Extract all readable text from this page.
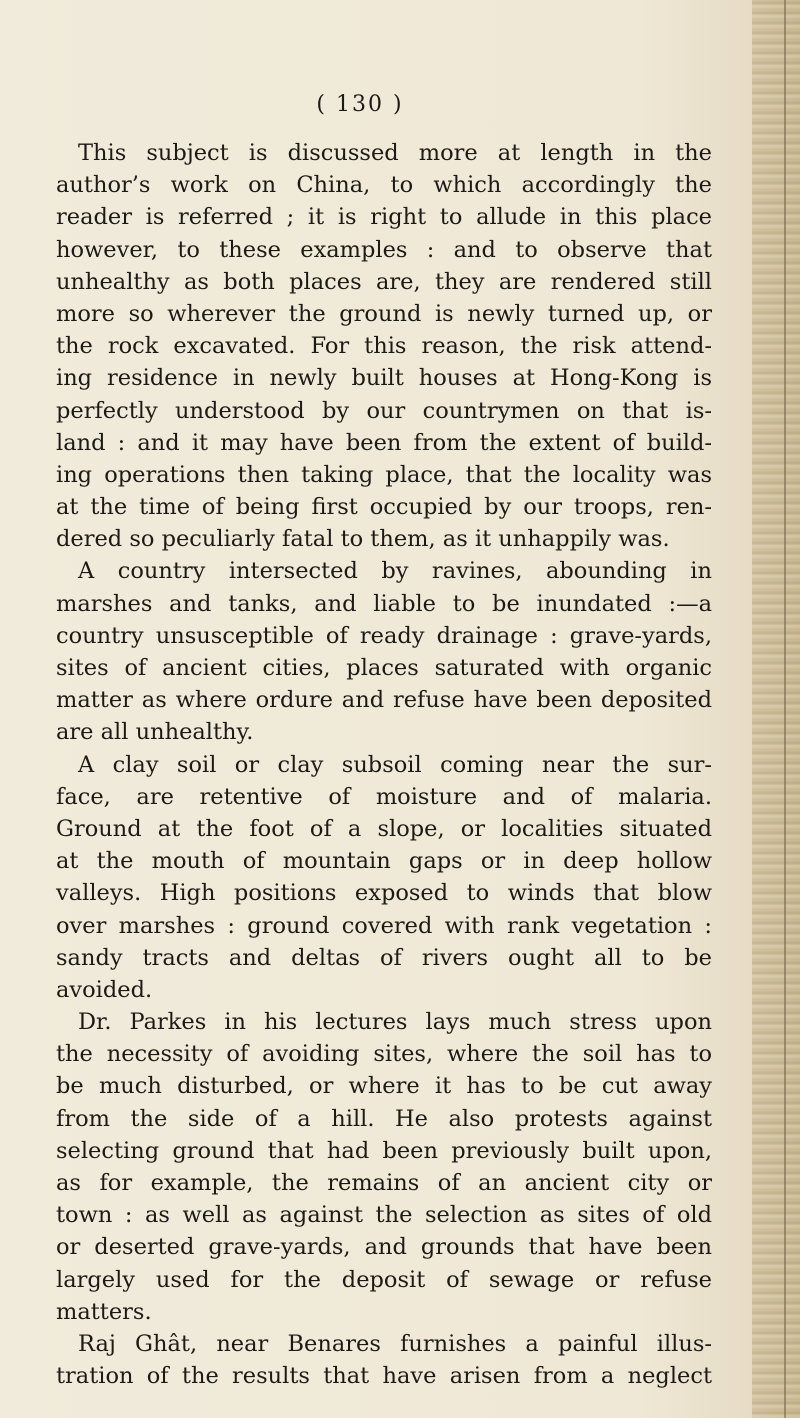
( 130 )
This subject is discussed more at length in the
author’s work on China, to which accordingly the
reader is referred ; it is right to allude in this place
however, to these examples : and to observe that
unhealthy as both places are, they are rendered still
more so wherever the ground is newly turned up, or
the rock excavated. For this reason, the risk attend-
ing residence in newly built houses at Hong-Kong is
perfectly understood by our countrymen on that is-
land : and it may have been from the extent of build-
ing operations then taking place, that the locality was
at the time of being first occupied by our troops, ren-
dered so peculiarly fatal to them, as it unhappily was.
A country intersected by ravines, abounding in
marshes and tanks, and liable to be inundated :—a
country unsusceptible of ready drainage : grave-yards,
sites of ancient cities, places saturated with organic
matter as where ordure and refuse have been deposited
are all unhealthy.
A clay soil or clay subsoil coming near the sur-
face, are retentive of moisture and of malaria.
Ground at the foot of a slope, or localities situated
at the mouth of mountain gaps or in deep hollow
valleys. High positions exposed to winds that blow
over marshes : ground covered with rank vegetation :
sandy tracts and deltas of rivers ought all to be
avoided.
Dr. Parkes in his lectures lays much stress upon
the necessity of avoiding sites, where the soil has to
be much disturbed, or where it has to be cut away
from the side of a hill. He also protests against
selecting ground that had been previously built upon,
as for example, the remains of an ancient city or
town : as well as against the selection as sites of old
or deserted grave-yards, and grounds that have been
largely used for the deposit of sewage or refuse
matters.
Raj Ghât, near Benares furnishes a painful illus-
tration of the results that have arisen from a neglect
